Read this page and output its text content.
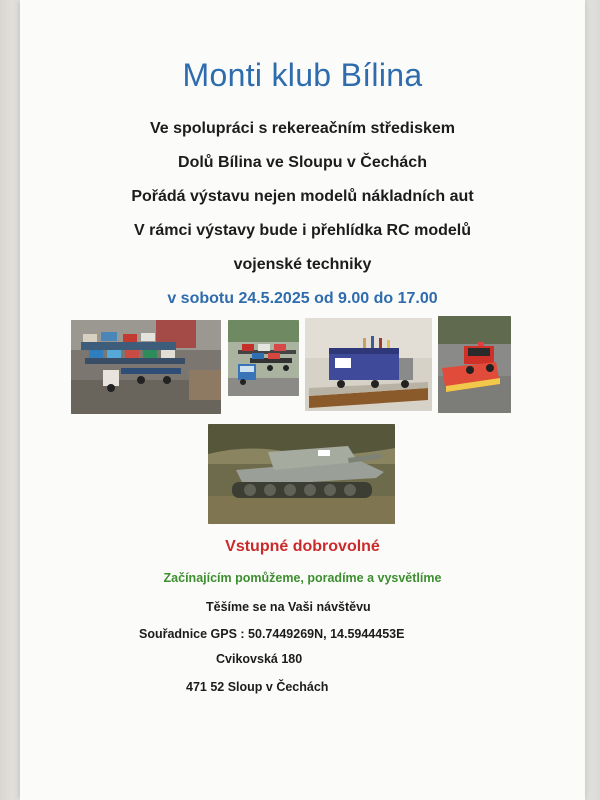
Monti klub Bílina
Ve spolupráci s rekereačním střediskem
Dolů Bílina ve Sloupu v Čechách
Pořádá výstavu nejen modelů nákladních aut
V rámci výstavy bude i přehlídka RC modelů
vojenské techniky
v sobotu 24.5.2025 od 9.00 do 17.00
Vstupné dobrovolné
Začínajícím pomůžeme, poradíme a vysvětlíme
Těšíme se na Vaši návštěvu
Souřadnice GPS : 50.7449269N, 14.5944453E
Cvikovská 180
471 52 Sloup v Čechách
